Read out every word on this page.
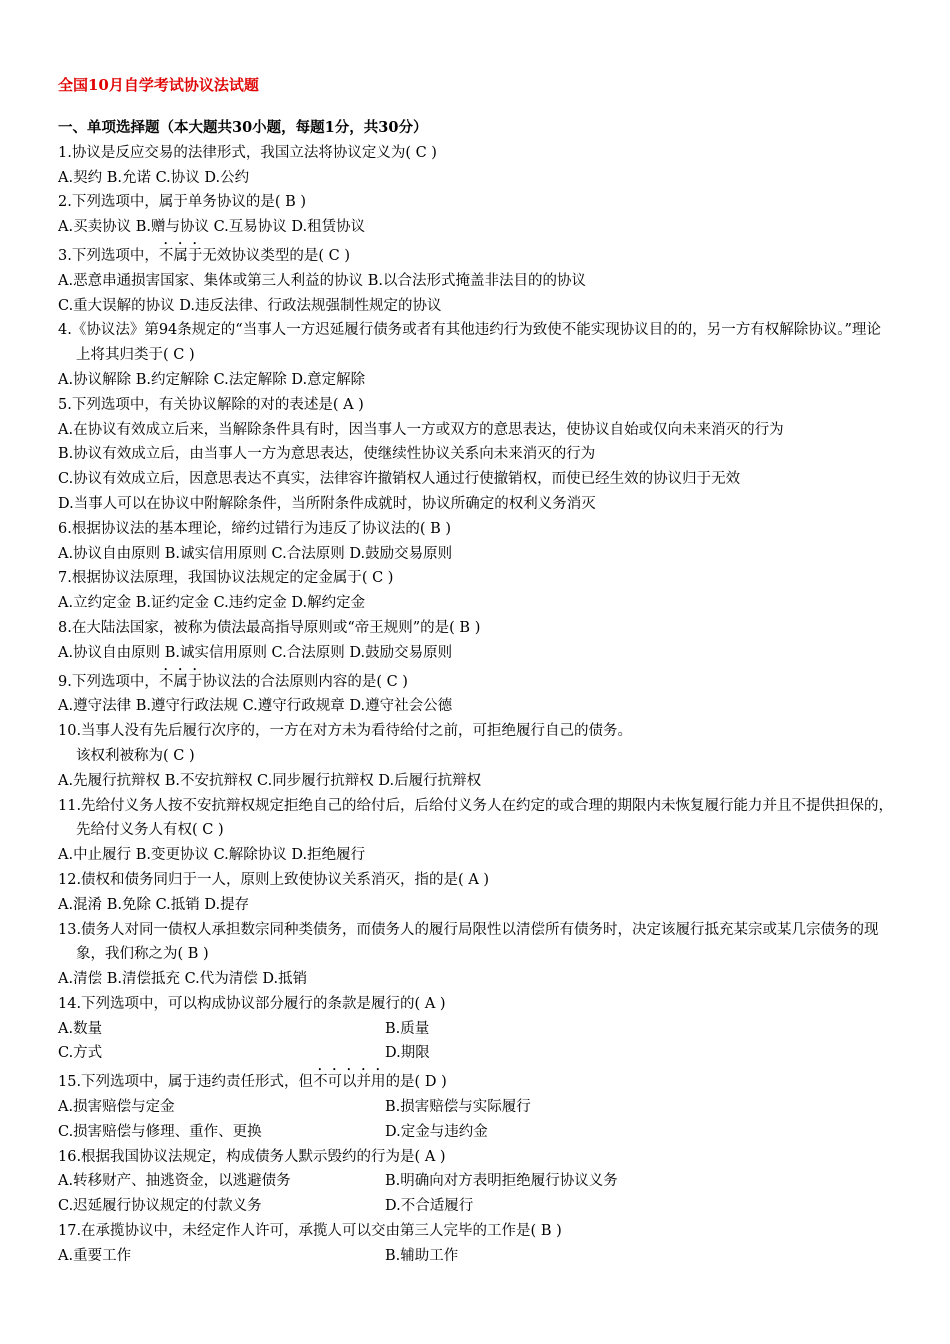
全国10月自学考试协议法试题
一、单项选择题（本大题共30小题，每题1分，共30分）
1.协议是反应交易的法律形式，我国立法将协议定义为( C )
A.契约 B.允诺 C.协议 D.公约
2.下列选项中，属于单务协议的是( B )
A.买卖协议 B.赠与协议 C.互易协议 D.租赁协议
3.下列选项中，不属于无效协议类型的是( C )
A.恶意串通损害国家、集体或第三人利益的协议 B.以合法形式掩盖非法目的的协议
C.重大误解的协议 D.违反法律、行政法规强制性规定的协议
4.《协议法》第94条规定的“当事人一方迟延履行债务或者有其他违约行为致使不能实现协议目的的，另一方有权解除协议。”理论上将其归类于( C )
A.协议解除 B.约定解除 C.法定解除 D.意定解除
5.下列选项中，有关协议解除的对的表述是( A )
A.在协议有效成立后来，当解除条件具有时，因当事人一方或双方的意思表达，使协议自始或仅向未来消灭的行为
B.协议有效成立后，由当事人一方为意思表达，使继续性协议关系向未来消灭的行为
C.协议有效成立后，因意思表达不真实，法律容许撤销权人通过行使撤销权，而使已经生效的协议归于无效
D.当事人可以在协议中附解除条件，当所附条件成就时，协议所确定的权利义务消灭
6.根据协议法的基本理论，缔约过错行为违反了协议法的( B )
A.协议自由原则 B.诚实信用原则 C.合法原则 D.鼓励交易原则
7.根据协议法原理，我国协议法规定的定金属于( C )
A.立约定金 B.证约定金 C.违约定金 D.解约定金
8.在大陆法国家，被称为债法最高指导原则或“帝王规则”的是( B )
A.协议自由原则 B.诚实信用原则 C.合法原则 D.鼓励交易原则
9.下列选项中，不属于协议法的合法原则内容的是( C )
A.遵守法律 B.遵守行政法规 C.遵守行政规章 D.遵守社会公德
10.当事人没有先后履行次序的，一方在对方未为看待给付之前，可拒绝履行自己的债务。
该权利被称为( C )
A.先履行抗辩权 B.不安抗辩权 C.同步履行抗辩权 D.后履行抗辩权
11.先给付义务人按不安抗辩权规定拒绝自己的给付后，后给付义务人在约定的或合理的期限内未恢复履行能力并且不提供担保的，先给付义务人有权( C )
A.中止履行 B.变更协议 C.解除协议 D.拒绝履行
12.债权和债务同归于一人，原则上致使协议关系消灭，指的是( A )
A.混淆 B.免除 C.抵销 D.提存
13.债务人对同一债权人承担数宗同种类债务，而债务人的履行局限性以清偿所有债务时，决定该履行抵充某宗或某几宗债务的现象，我们称之为( B )
A.清偿 B.清偿抵充 C.代为清偿 D.抵销
14.下列选项中，可以构成协议部分履行的条款是履行的( A )
A.数量	B.质量
C.方式	D.期限
15.下列选项中，属于违约责任形式，但不可以并用的是( D )
A.损害赔偿与定金	B.损害赔偿与实际履行
C.损害赔偿与修理、重作、更换	D.定金与违约金
16.根据我国协议法规定，构成债务人默示毁约的行为是( A )
A.转移财产、抽逃资金，以逃避债务	B.明确向对方表明拒绝履行协议义务
C.迟延履行协议规定的付款义务	D.不合适履行
17.在承揽协议中，未经定作人许可，承揽人可以交由第三人完毕的工作是( B )
A.重要工作	B.辅助工作
